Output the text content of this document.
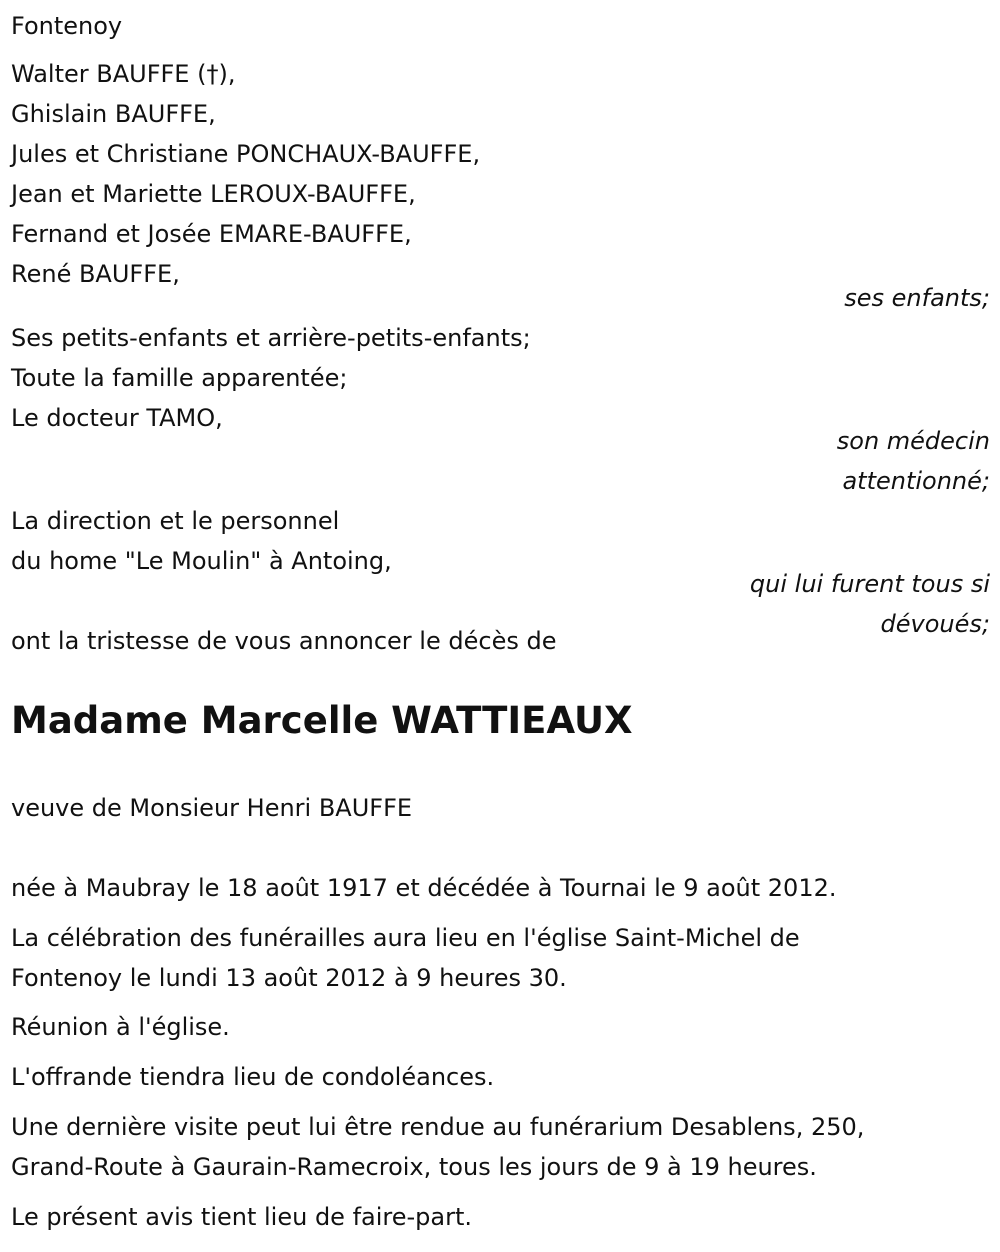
Fontenoy
Walter BAUFFE (†),
Ghislain BAUFFE,
Jules et Christiane PONCHAUX-BAUFFE,
Jean et Mariette LEROUX-BAUFFE,
Fernand et Josée EMARE-BAUFFE,
René BAUFFE,
ses enfants;
Ses petits-enfants et arrière-petits-enfants;
Toute la famille apparentée;
Le docteur TAMO,
son médecin
attentionné;
La direction et le personnel
du home "Le Moulin" à Antoing,
qui lui furent tous si
dévoués;
ont la tristesse de vous annoncer le décès de
Madame Marcelle WATTIEAUX
veuve de Monsieur Henri BAUFFE
née à Maubray le 18 août 1917 et décédée à Tournai le 9 août 2012.
La célébration des funérailles aura lieu en l'église Saint-Michel de
Fontenoy le lundi 13 août 2012 à 9 heures 30.
Réunion à l'église.
L'offrande tiendra lieu de condoléances.
Une dernière visite peut lui être rendue au funérarium Desablens, 250,
Grand-Route à Gaurain-Ramecroix, tous les jours de 9 à 19 heures.
Le présent avis tient lieu de faire-part.
